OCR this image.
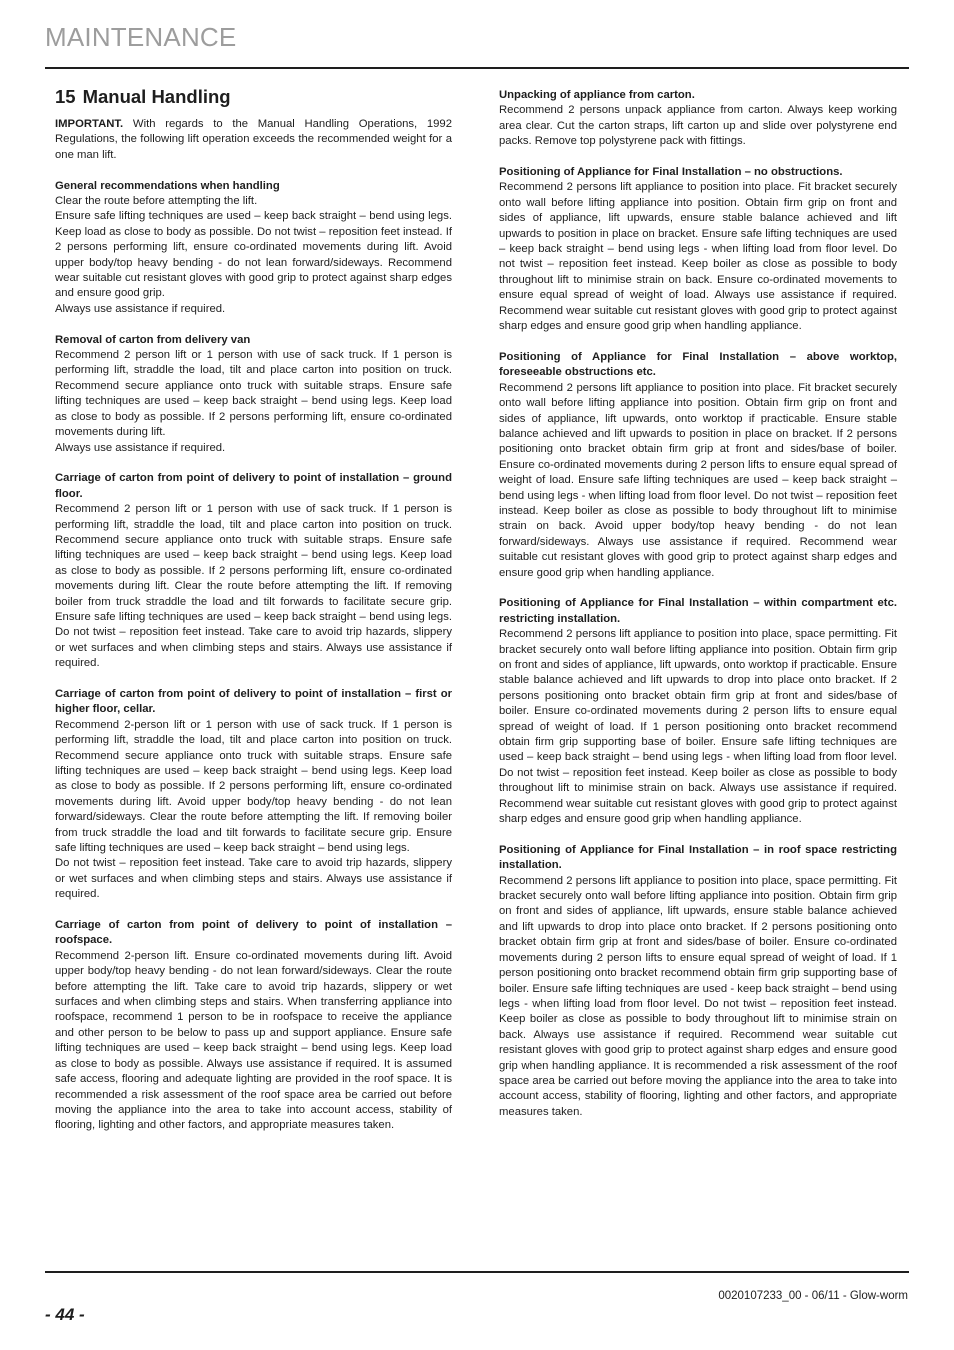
MAINTENANCE
15 Manual Handling

IMPORTANT. With regards to the Manual Handling Operations, 1992 Regulations, the following lift operation exceeds the recommended weight for a one man lift.

General recommendations when handling

Clear the route before attempting the lift.

Ensure safe lifting techniques are used – keep back straight – bend using legs. Keep load as close to body as possible. Do not twist – reposition feet instead. If 2 persons performing lift, ensure co-ordinated movements during lift. Avoid upper body/top heavy bending - do not lean forward/sideways. Recommend wear suitable cut resistant gloves with good grip to protect against sharp edges and ensure good grip.

Always use assistance if required.

Removal of carton from delivery van

Recommend 2 person lift or 1 person with use of sack truck. If 1 person is performing lift, straddle the load, tilt and place carton into position on truck. Recommend secure appliance onto truck with suitable straps. Ensure safe lifting techniques are used – keep back straight – bend using legs. Keep load as close to body as possible. If 2 persons performing lift, ensure co-ordinated movements during lift.

Always use assistance if required.

Carriage of carton from point of delivery to point of installation – ground floor.

Recommend 2 person lift or 1 person with use of sack truck. If 1 person is performing lift, straddle the load, tilt and place carton into position on truck. Recommend secure appliance onto truck with suitable straps. Ensure safe lifting techniques are used – keep back straight – bend using legs. Keep load as close to body as possible. If 2 persons performing lift, ensure co-ordinated movements during lift. Clear the route before attempting the lift. If removing boiler from truck straddle the load and tilt forwards to facilitate secure grip. Ensure safe lifting techniques are used – keep back straight – bend using legs. Do not twist – reposition feet instead. Take care to avoid trip hazards, slippery or wet surfaces and when climbing steps and stairs. Always use assistance if required.

Carriage of carton from point of delivery to point of installation – first or higher floor, cellar.

Recommend 2-person lift or 1 person with use of sack truck. If 1 person is performing lift, straddle the load, tilt and place carton into position on truck. Recommend secure appliance onto truck with suitable straps. Ensure safe lifting techniques are used – keep back straight – bend using legs. Keep load as close to body as possible. If 2 persons performing lift, ensure co-ordinated movements during lift. Avoid upper body/top heavy bending - do not lean forward/sideways. Clear the route before attempting the lift. If removing boiler from truck straddle the load and tilt forwards to facilitate secure grip. Ensure safe lifting techniques are used – keep back straight – bend using legs.

Do not twist – reposition feet instead. Take care to avoid trip hazards, slippery or wet surfaces and when climbing steps and stairs. Always use assistance if required.

Carriage of carton from point of delivery to point of installation – roofspace.

Recommend 2-person lift. Ensure co-ordinated movements during lift. Avoid upper body/top heavy bending - do not lean forward/sideways. Clear the route before attempting the lift. Take care to avoid trip hazards, slippery or wet surfaces and when climbing steps and stairs. When transferring appliance into roofspace, recommend 1 person to be in roofspace to receive the appliance and other person to be below to pass up and support appliance. Ensure safe lifting techniques are used – keep back straight – bend using legs. Keep load as close to body as possible. Always use assistance if required. It is assumed safe access, flooring and adequate lighting are provided in the roof space. It is recommended a risk assessment of the roof space area be carried out before moving the appliance into the area to take into account access, stability of flooring, lighting and other factors, and appropriate measures taken.

Unpacking of appliance from carton.

Recommend 2 persons unpack appliance from carton. Always keep working area clear. Cut the carton straps, lift carton up and slide over polystyrene end packs. Remove top polystyrene pack with fittings.

Positioning of Appliance for Final Installation – no obstructions.

Recommend 2 persons lift appliance to position into place. Fit bracket securely onto wall before lifting appliance into position. Obtain firm grip on front and sides of appliance, lift upwards, ensure stable balance achieved and lift upwards to position in place on bracket. Ensure safe lifting techniques are used – keep back straight – bend using legs - when lifting load from floor level. Do not twist – reposition feet instead. Keep boiler as close as possible to body throughout lift to minimise strain on back. Ensure co-ordinated movements to ensure equal spread of weight of load. Always use assistance if required. Recommend wear suitable cut resistant gloves with good grip to protect against sharp edges and ensure good grip when handling appliance.

Positioning of Appliance for Final Installation – above worktop, foreseeable obstructions etc.

Recommend 2 persons lift appliance to position into place. Fit bracket securely onto wall before lifting appliance into position. Obtain firm grip on front and sides of appliance, lift upwards, onto worktop if practicable. Ensure stable balance achieved and lift upwards to position in place on bracket. If 2 persons positioning onto bracket obtain firm grip at front and sides/base of boiler. Ensure co-ordinated movements during 2 person lifts to ensure equal spread of weight of load. Ensure safe lifting techniques are used – keep back straight – bend using legs - when lifting load from floor level. Do not twist – reposition feet instead. Keep boiler as close as possible to body throughout lift to minimise strain on back. Avoid upper body/top heavy bending - do not lean forward/sideways. Always use assistance if required. Recommend wear suitable cut resistant gloves with good grip to protect against sharp edges and ensure good grip when handling appliance.

Positioning of Appliance for Final Installation – within compartment etc. restricting installation.

Recommend 2 persons lift appliance to position into place, space permitting. Fit bracket securely onto wall before lifting appliance into position. Obtain firm grip on front and sides of appliance, lift upwards, onto worktop if practicable. Ensure stable balance achieved and lift upwards to drop into place onto bracket. If 2 persons positioning onto bracket obtain firm grip at front and sides/base of boiler. Ensure co-ordinated movements during 2 person lifts to ensure equal spread of weight of load. If 1 person positioning onto bracket recommend obtain firm grip supporting base of boiler. Ensure safe lifting techniques are used – keep back straight – bend using legs - when lifting load from floor level. Do not twist – reposition feet instead. Keep boiler as close as possible to body throughout lift to minimise strain on back. Always use assistance if required. Recommend wear suitable cut resistant gloves with good grip to protect against sharp edges and ensure good grip when handling appliance.

Positioning of Appliance for Final Installation – in roof space restricting installation.

Recommend 2 persons lift appliance to position into place, space permitting. Fit bracket securely onto wall before lifting appliance into position. Obtain firm grip on front and sides of appliance, lift upwards, ensure stable balance achieved and lift upwards to drop into place onto bracket. If 2 persons positioning onto bracket obtain firm grip at front and sides/base of boiler. Ensure co-ordinated movements during 2 person lifts to ensure equal spread of weight of load. If 1 person positioning onto bracket recommend obtain firm grip supporting base of boiler. Ensure safe lifting techniques are used - keep back straight – bend using legs - when lifting load from floor level. Do not twist – reposition feet instead. Keep boiler as close as possible to body throughout lift to minimise strain on back. Always use assistance if required. Recommend wear suitable cut resistant gloves with good grip to protect against sharp edges and ensure good grip when handling appliance. It is recommended a risk assessment of the roof space area be carried out before moving the appliance into the area to take into account access, stability of flooring, lighting and other factors, and appropriate measures taken.

0020107233_00 - 06/11 - Glow-worm
- 44 -
